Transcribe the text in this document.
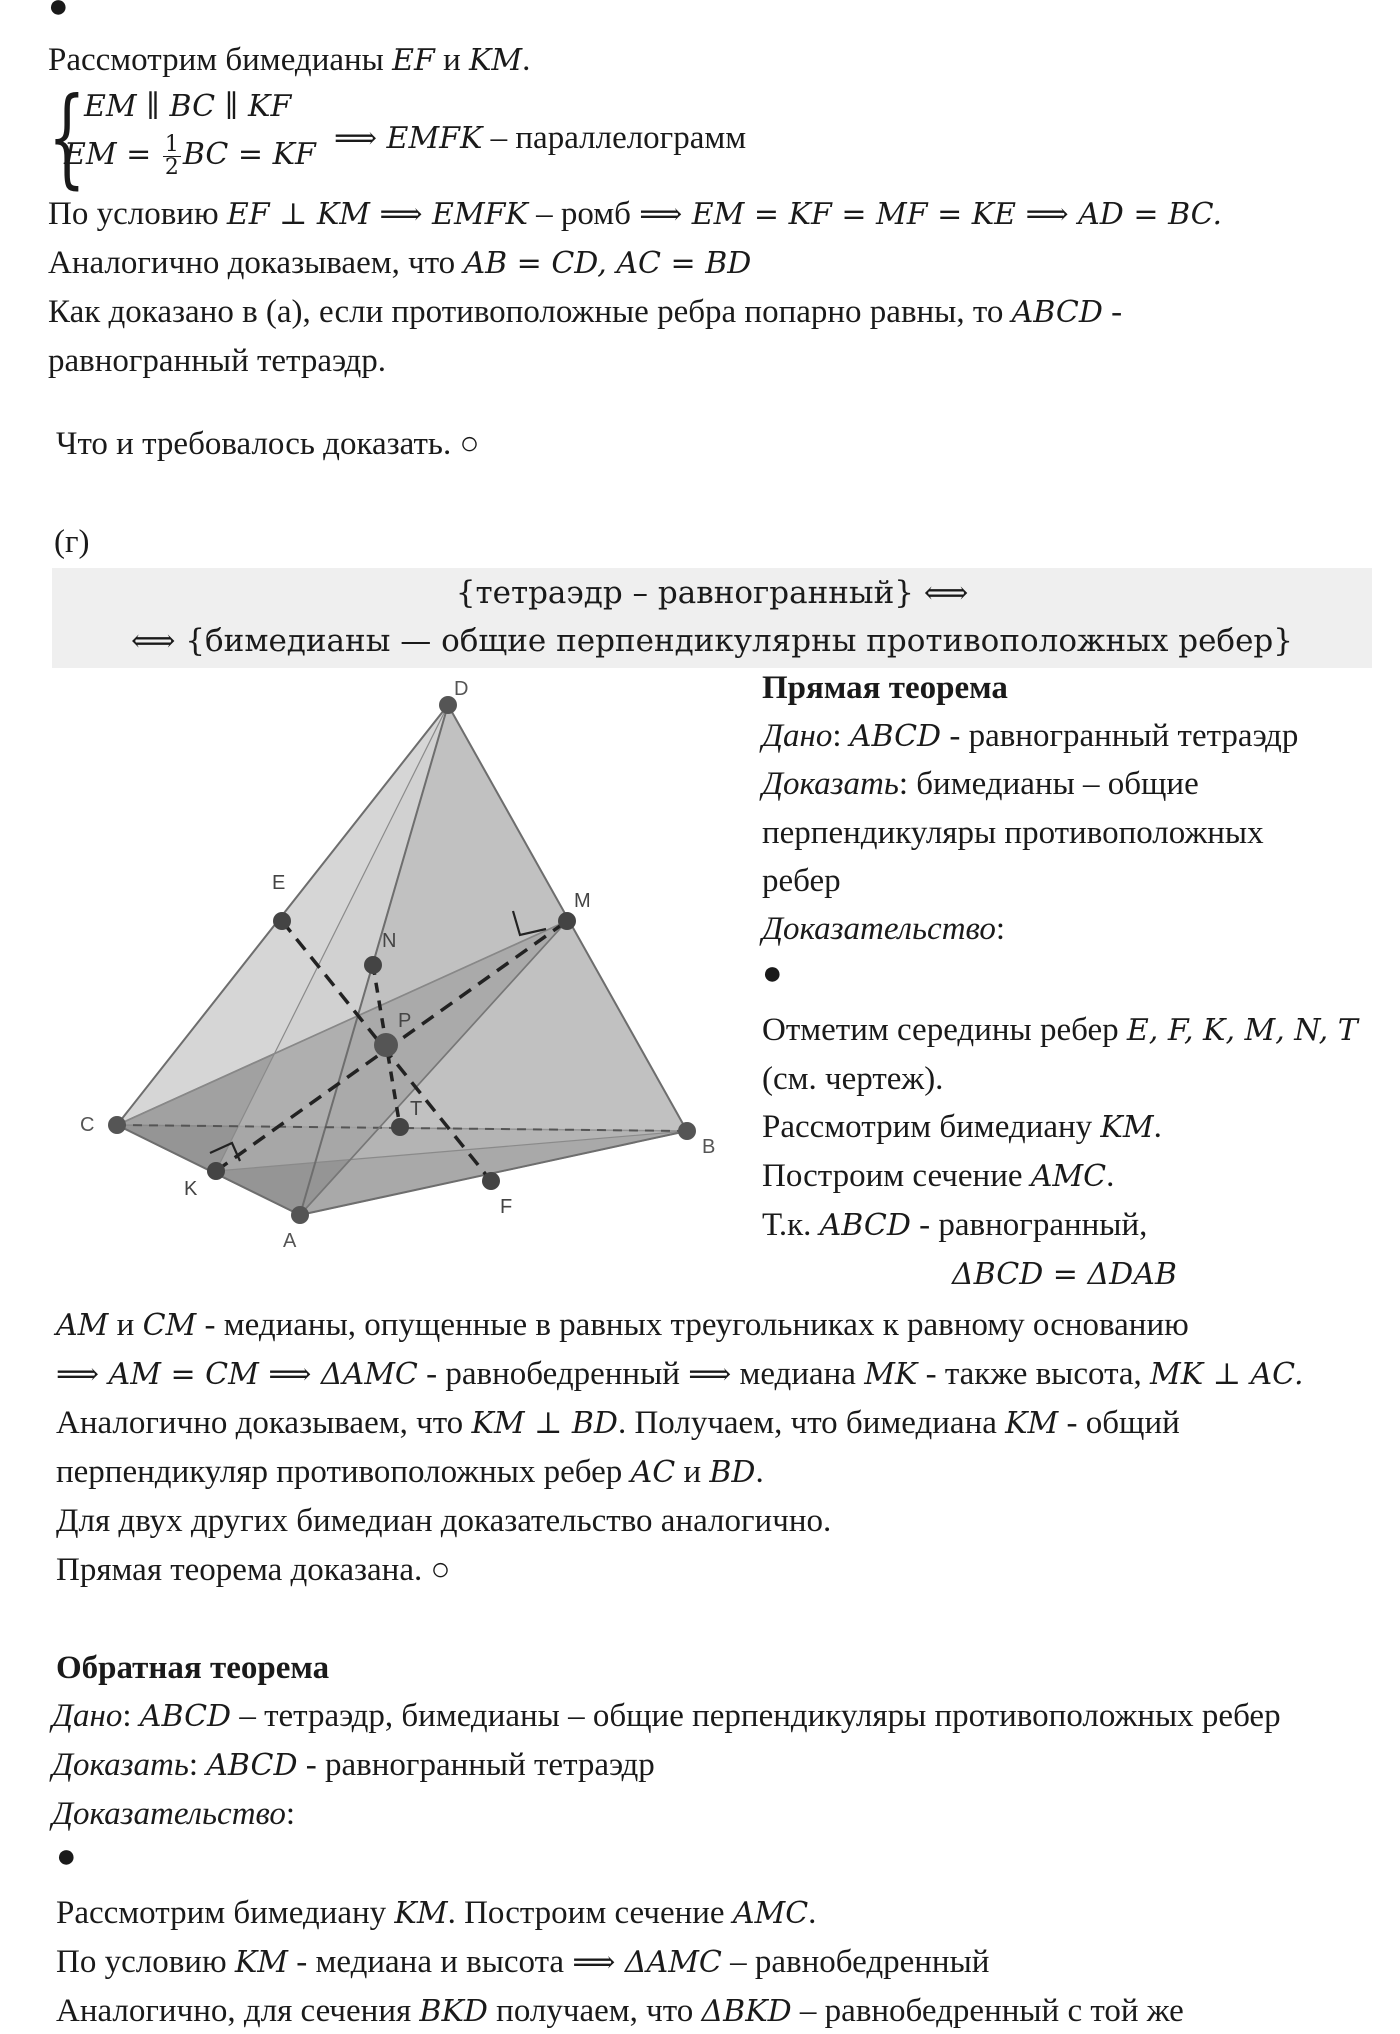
●
Рассмотрим бимедианы EF и KM.
{
EM ∥ BC ∥ KF
EM = $\frac{1}{2}$ BC = KF ⟹ EMFK – параллелограмм
По условию EF ⊥ KM ⟹ EMFK – ромб ⟹ EM = KF = MF = KE ⟹ AD = BC.
Аналогично доказываем, что AB = CD, AC = BD
Как доказано в (а), если противоположные ребра попарно равны, то ABCD -
равногранный тетраэдр.
Что и требовалось доказать. ○
(г)
{тетраэдр – равногранный} ⟺
⟺ {бимедианы — общие перпендикулярны противоположных ребер}
D
E
N
M
P
C
T
B
K
F
A
Прямая теорема
Дано: ABCD - равногранный тетраэдр
Доказать: бимедианы – общие
перпендикуляры противоположных
ребер
Доказательство:
●
Отметим середины ребер E, F, K, M, N, T
(см. чертеж).
Рассмотрим бимедиану KM.
Построим сечение AMC.
Т.к. ABCD - равногранный,
ΔBCD = ΔDAB
AM и CM - медианы, опущенные в равных треугольниках к равному основанию
⟹ AM = CM ⟹ ΔAMC - равнобедренный ⟹ медиана MK - также высота, MK ⊥ AC.
Аналогично доказываем, что KM ⊥ BD. Получаем, что бимедиана KM - общий
перпендикуляр противоположных ребер AC и BD.
Для двух других бимедиан доказательство аналогично.
Прямая теорема доказана. ○
Обратная теорема
Дано: ABCD – тетраэдр, бимедианы – общие перпендикуляры противоположных ребер
Доказать: ABCD - равногранный тетраэдр
Доказательство:
●
Рассмотрим бимедиану KM. Построим сечение AMC.
По условию KM - медиана и высота ⟹ ΔAMC – равнобедренный
Аналогично, для сечения BKD получаем, что ΔBKD – равнобедренный с той же
